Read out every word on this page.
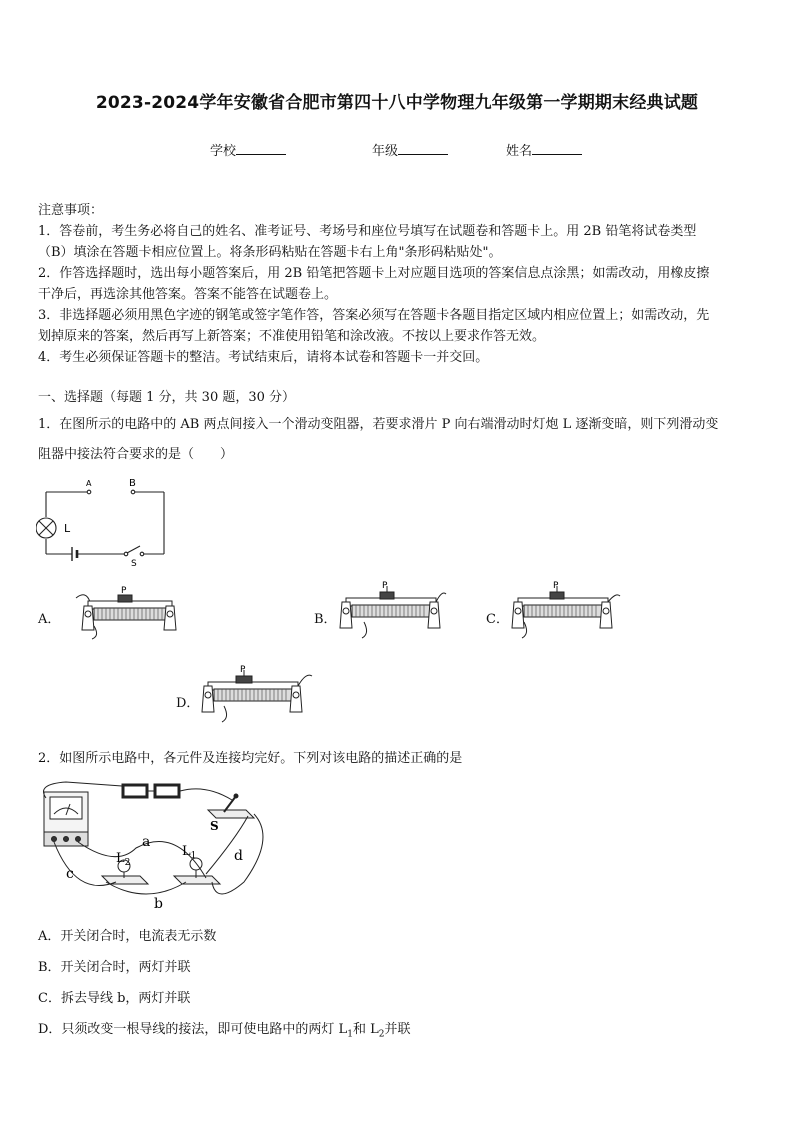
2023-2024学年安徽省合肥市第四十八中学物理九年级第一学期期末经典试题
学校	年级	姓名
注意事项：
1．答卷前，考生务必将自己的姓名、准考证号、考场号和座位号填写在试题卷和答题卡上。用 2B 铅笔将试卷类型
（B）填涂在答题卡相应位置上。将条形码粘贴在答题卡右上角"条形码粘贴处"。
2．作答选择题时，选出每小题答案后，用 2B 铅笔把答题卡上对应题目选项的答案信息点涂黑；如需改动，用橡皮擦
干净后，再选涂其他答案。答案不能答在试题卷上。
3．非选择题必须用黑色字迹的钢笔或签字笔作答，答案必须写在答题卡各题目指定区域内相应位置上；如需改动，先
划掉原来的答案，然后再写上新答案；不准使用铅笔和涂改液。不按以上要求作答无效。
4．考生必须保证答题卡的整洁。考试结束后，请将本试卷和答题卡一并交回。
一、选择题（每题 1 分，共 30 题，30 分）
1．在图所示的电路中的 AB 两点间接入一个滑动变阻器，若要求滑片 P 向右端滑动时灯炮 L 逐渐变暗，则下列滑动变
阻器中接法符合要求的是（　　）
A	B
L
S
A．	B．	C．
D．
P	P	P
P
2．如图所示电路中，各元件及连接均完好。下列对该电路的描述正确的是
S
$L_1$
$L_2$
a
b
c
d
A．开关闭合时，电流表无示数
B．开关闭合时，两灯并联
C．拆去导线 b，两灯并联
D．只须改变一根导线的接法，即可使电路中的两灯 $L_1$和 $L_2$并联
